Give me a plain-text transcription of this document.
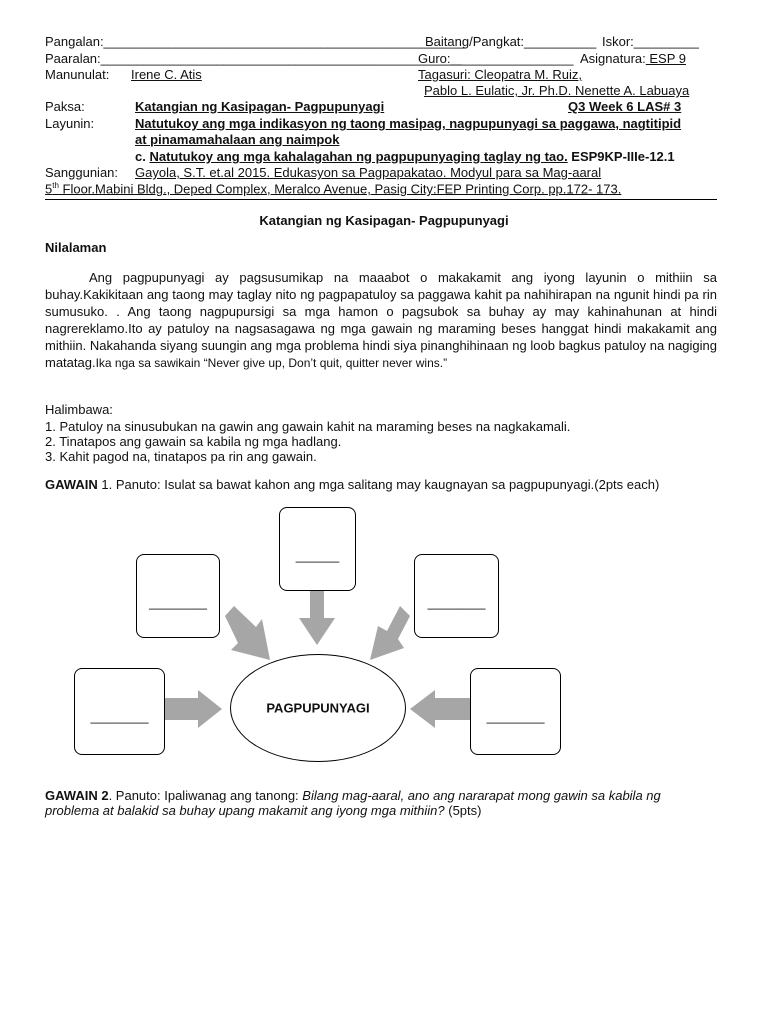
Pangalan:__________________________________________________
Baitang/Pangkat:__________ Iskor:_________
Paaralan:__________________________________________________
Guro:_________________ Asignatura: ESP 9
Manunulat: Irene C. Atis	Tagasuri: Cleopatra M. Ruiz,
Pablo L. Eulatic, Jr. Ph.D. Nenette A. Labuaya
Paksa:	Katangian ng Kasipagan- Pagpupunyagi	Q3 Week 6 LAS# 3
Layunin:	Natutukoy ang mga indikasyon ng taong masipag, nagpupunyagi sa paggawa, nagtitipid
at pinamamahalaan ang naimpok
c. Natutukoy ang mga kahalagahan ng pagpupunyaging taglay ng tao. ESP9KP-IIIe-12.1
Sanggunian: Gayola, S.T. et.al 2015. Edukasyon sa Pagpapakatao. Modyul para sa Mag-aaral
5th Floor.Mabini Bldg., Deped Complex, Meralco Avenue, Pasig City:FEP Printing Corp. pp.172- 173.
Katangian ng Kasipagan- Pagpupunyagi
Nilalaman
Ang pagpupunyagi ay pagsusumikap na maaabot o makakamit ang iyong layunin o mithiin sa buhay.Kakikitaan ang taong may taglay nito ng pagpapatuloy sa paggawa kahit pa nahihirapan na ngunit hindi pa rin sumusuko. . Ang taong nagpupursigi sa mga hamon o pagsubok sa buhay ay may kahinahunan at hindi nagrereklamo.Ito ay patuloy na nagsasagawa ng mga gawain ng maraming beses hanggat hindi makakamit ang mithiin. Nakahanda siyang suungin ang mga problema hindi siya pinanghihinaan ng loob bagkus patuloy na nagiging matatag.Ika nga sa sawikain “Never give up, Don’t quit, quitter never wins.”
Halimbawa:
1. Patuloy na sinusubukan na gawin ang gawain kahit na maraming beses na nagkakamali.
2. Tinatapos ang gawain sa kabila ng mga hadlang.
3. Kahit pagod na, tinatapos pa rin ang gawain.
GAWAIN 1. Panuto: Isulat sa bawat kahon ang mga salitang may kaugnayan sa pagpupunyagi.(2pts each)
______
________	________
________	________
PAGPUPUNYAGI
GAWAIN 2. Panuto: Ipaliwanag ang tanong: Bilang mag-aaral, ano ang nararapat mong gawin sa kabila ng
problema at balakid sa buhay upang makamit ang iyong mga mithiin? (5pts)
